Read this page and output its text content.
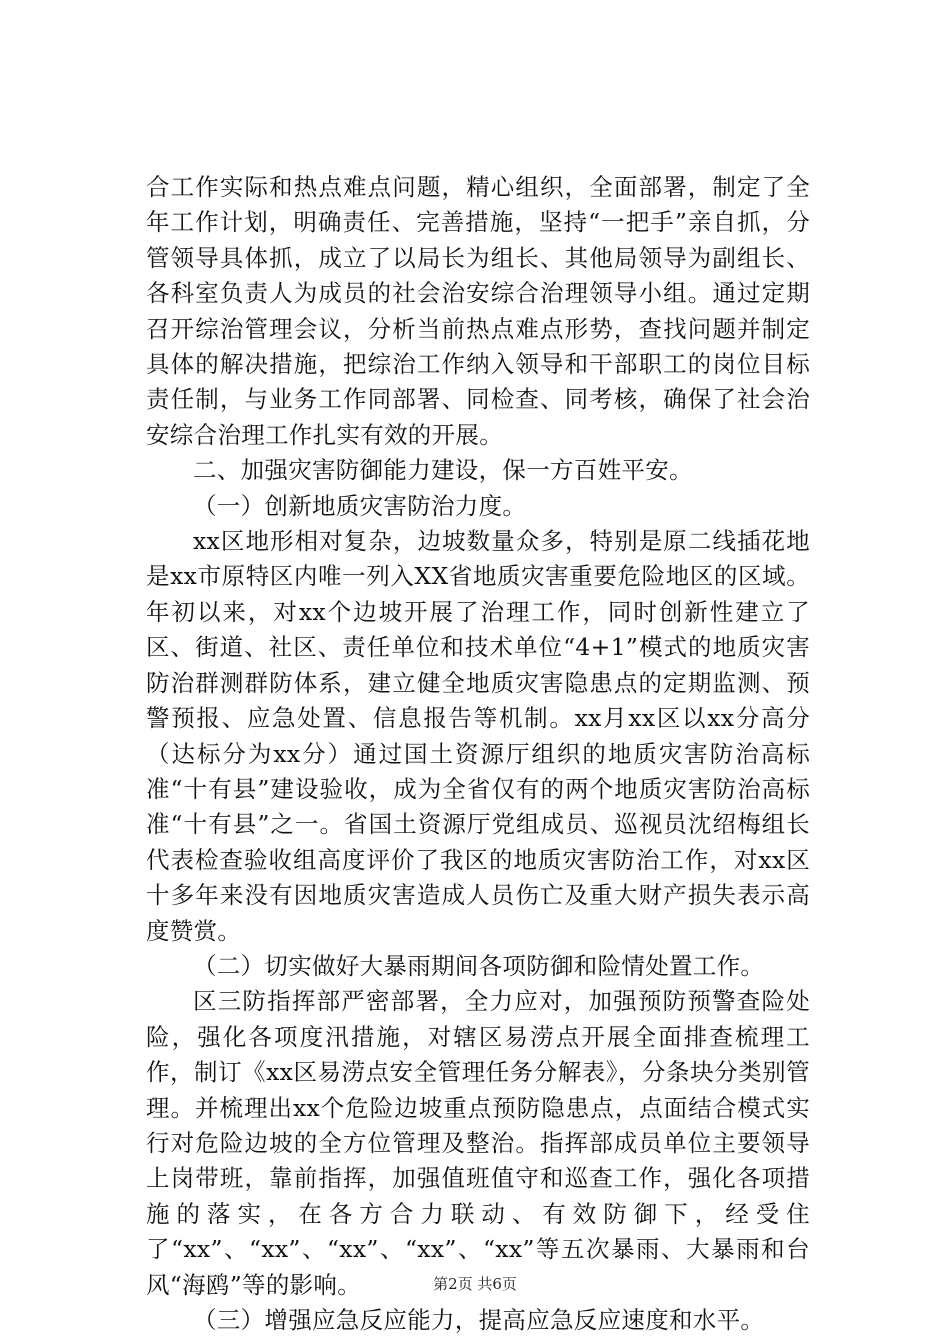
合工作实际和热点难点问题，精心组织，全面部署，制定了全年工作计划，明确责任、完善措施，坚持“一把手”亲自抓，分管领导具体抓，成立了以局长为组长、其他局领导为副组长、各科室负责人为成员的社会治安综合治理领导小组。通过定期召开综治管理会议，分析当前热点难点形势，查找问题并制定具体的解决措施，把综治工作纳入领导和干部职工的岗位目标责任制，与业务工作同部署、同检查、同考核，确保了社会治安综合治理工作扎实有效的开展。

二、加强灾害防御能力建设，保一方百姓平安。

（一）创新地质灾害防治力度。

xx区地形相对复杂，边坡数量众多，特别是原二线插花地是xx市原特区内唯一列入XX省地质灾害重要危险地区的区域。年初以来，对xx个边坡开展了治理工作，同时创新性建立了区、街道、社区、责任单位和技术单位“4+1”模式的地质灾害防治群测群防体系，建立健全地质灾害隐患点的定期监测、预警预报、应急处置、信息报告等机制。xx月xx区以xx分高分（达标分为xx分）通过国土资源厅组织的地质灾害防治高标准“十有县”建设验收，成为全省仅有的两个地质灾害防治高标准“十有县”之一。省国土资源厅党组成员、巡视员沈绍梅组长代表检查验收组高度评价了我区的地质灾害防治工作，对xx区十多年来没有因地质灾害造成人员伤亡及重大财产损失表示高度赞赏。

（二）切实做好大暴雨期间各项防御和险情处置工作。

区三防指挥部严密部署，全力应对，加强预防预警查险处险，强化各项度汛措施，对辖区易涝点开展全面排查梳理工作，制订《xx区易涝点安全管理任务分解表》，分条块分类别管理。并梳理出xx个危险边坡重点预防隐患点，点面结合模式实行对危险边坡的全方位管理及整治。指挥部成员单位主要领导上岗带班，靠前指挥，加强值班值守和巡查工作，强化各项措施的落实，在各方合力联动、有效防御下，经受住了“xx”、“xx”、“xx”、“xx”、“xx”等五次暴雨、大暴雨和台风“海鸥”等的影响。

（三）增强应急反应能力，提高应急反应速度和水平。

第2页 共6页
